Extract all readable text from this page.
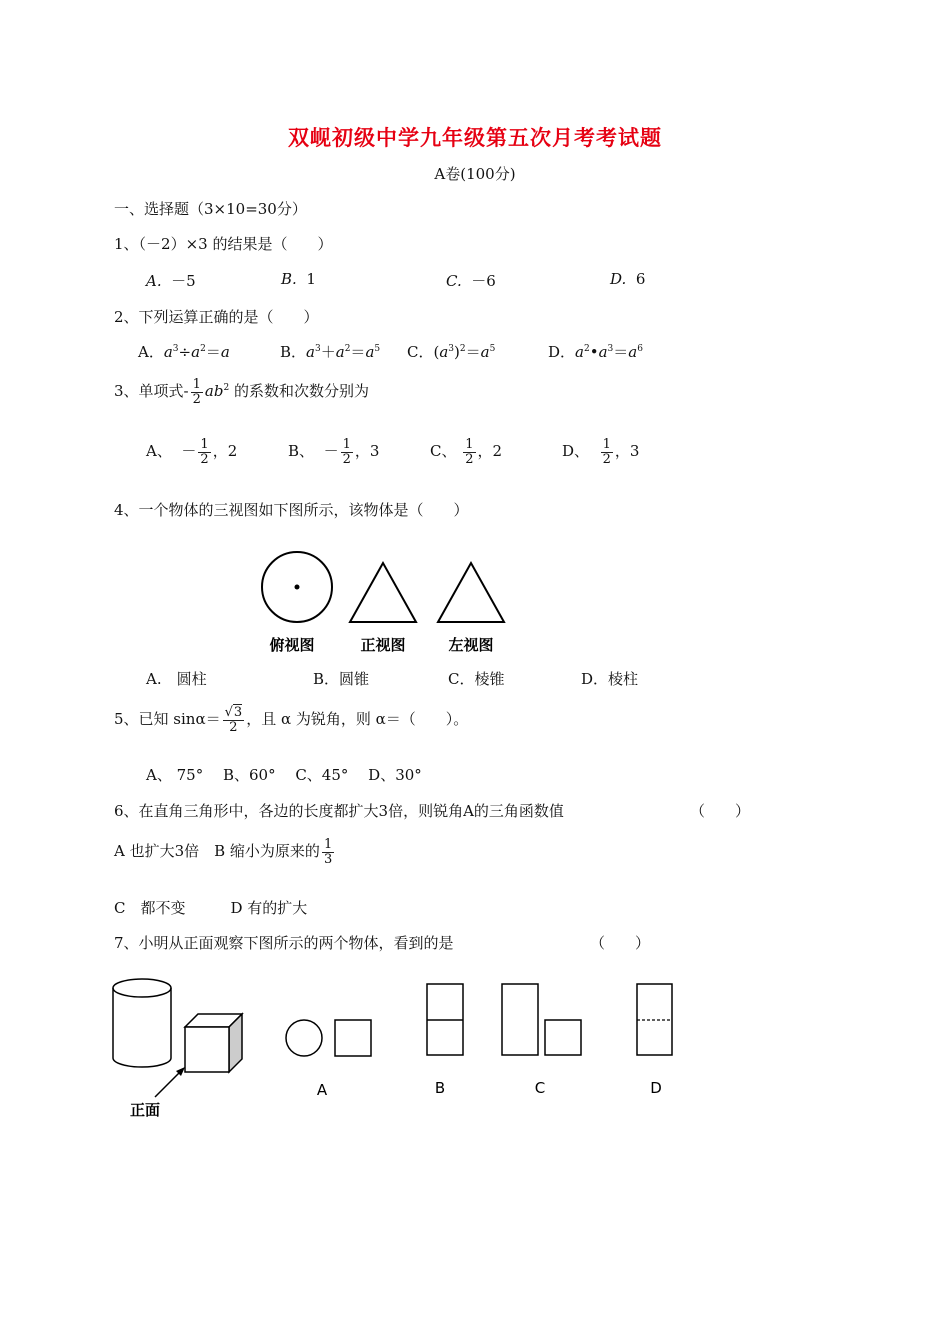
双岘初级中学九年级第五次月考考试题
A卷(100分)
一、选择题（3×10=30分）
1、（－2）×3 的结果是（　　）
A. －5	B. 1	C. －6	D. 6
2、下列运算正确的是（　　）
A．$a^3\div a^2=a$	B．$a^3+a^2=a^5$ C．$(a^3)^2=a^5$	D．$a^2•a^3=a^6$
3、单项式- $\frac{1}{2} ab^2$ 的系数和次数分别为
A、 － $\frac{1}{2}$ ，2	B、 － $\frac{1}{2}$ ，3	C、 $\frac{1}{2}$ ，2	D、 $\frac{1}{2}$ ，3
4、一个物体的三视图如下图所示，该物体是（　　）
俯视图	正视图	左视图
A.　圆柱	B．圆锥	C．棱锥	D．棱柱
5、已知 $\sin\alpha= \frac{√3}{2}$ ，且 α 为锐角，则 α＝（　　）。
A、 75°　 B、60°　 C、45°　 D、30°
6、在直角三角形中，各边的长度都扩大3倍，则锐角A的三角函数值	（　　）
A 也扩大3倍　B 缩小为原来的 $\frac{1}{3}$
C　都不变　　　D 有的扩大
7、小明从正面观察下图所示的两个物体，看到的是	（　　）
正面
A	B	C	D
